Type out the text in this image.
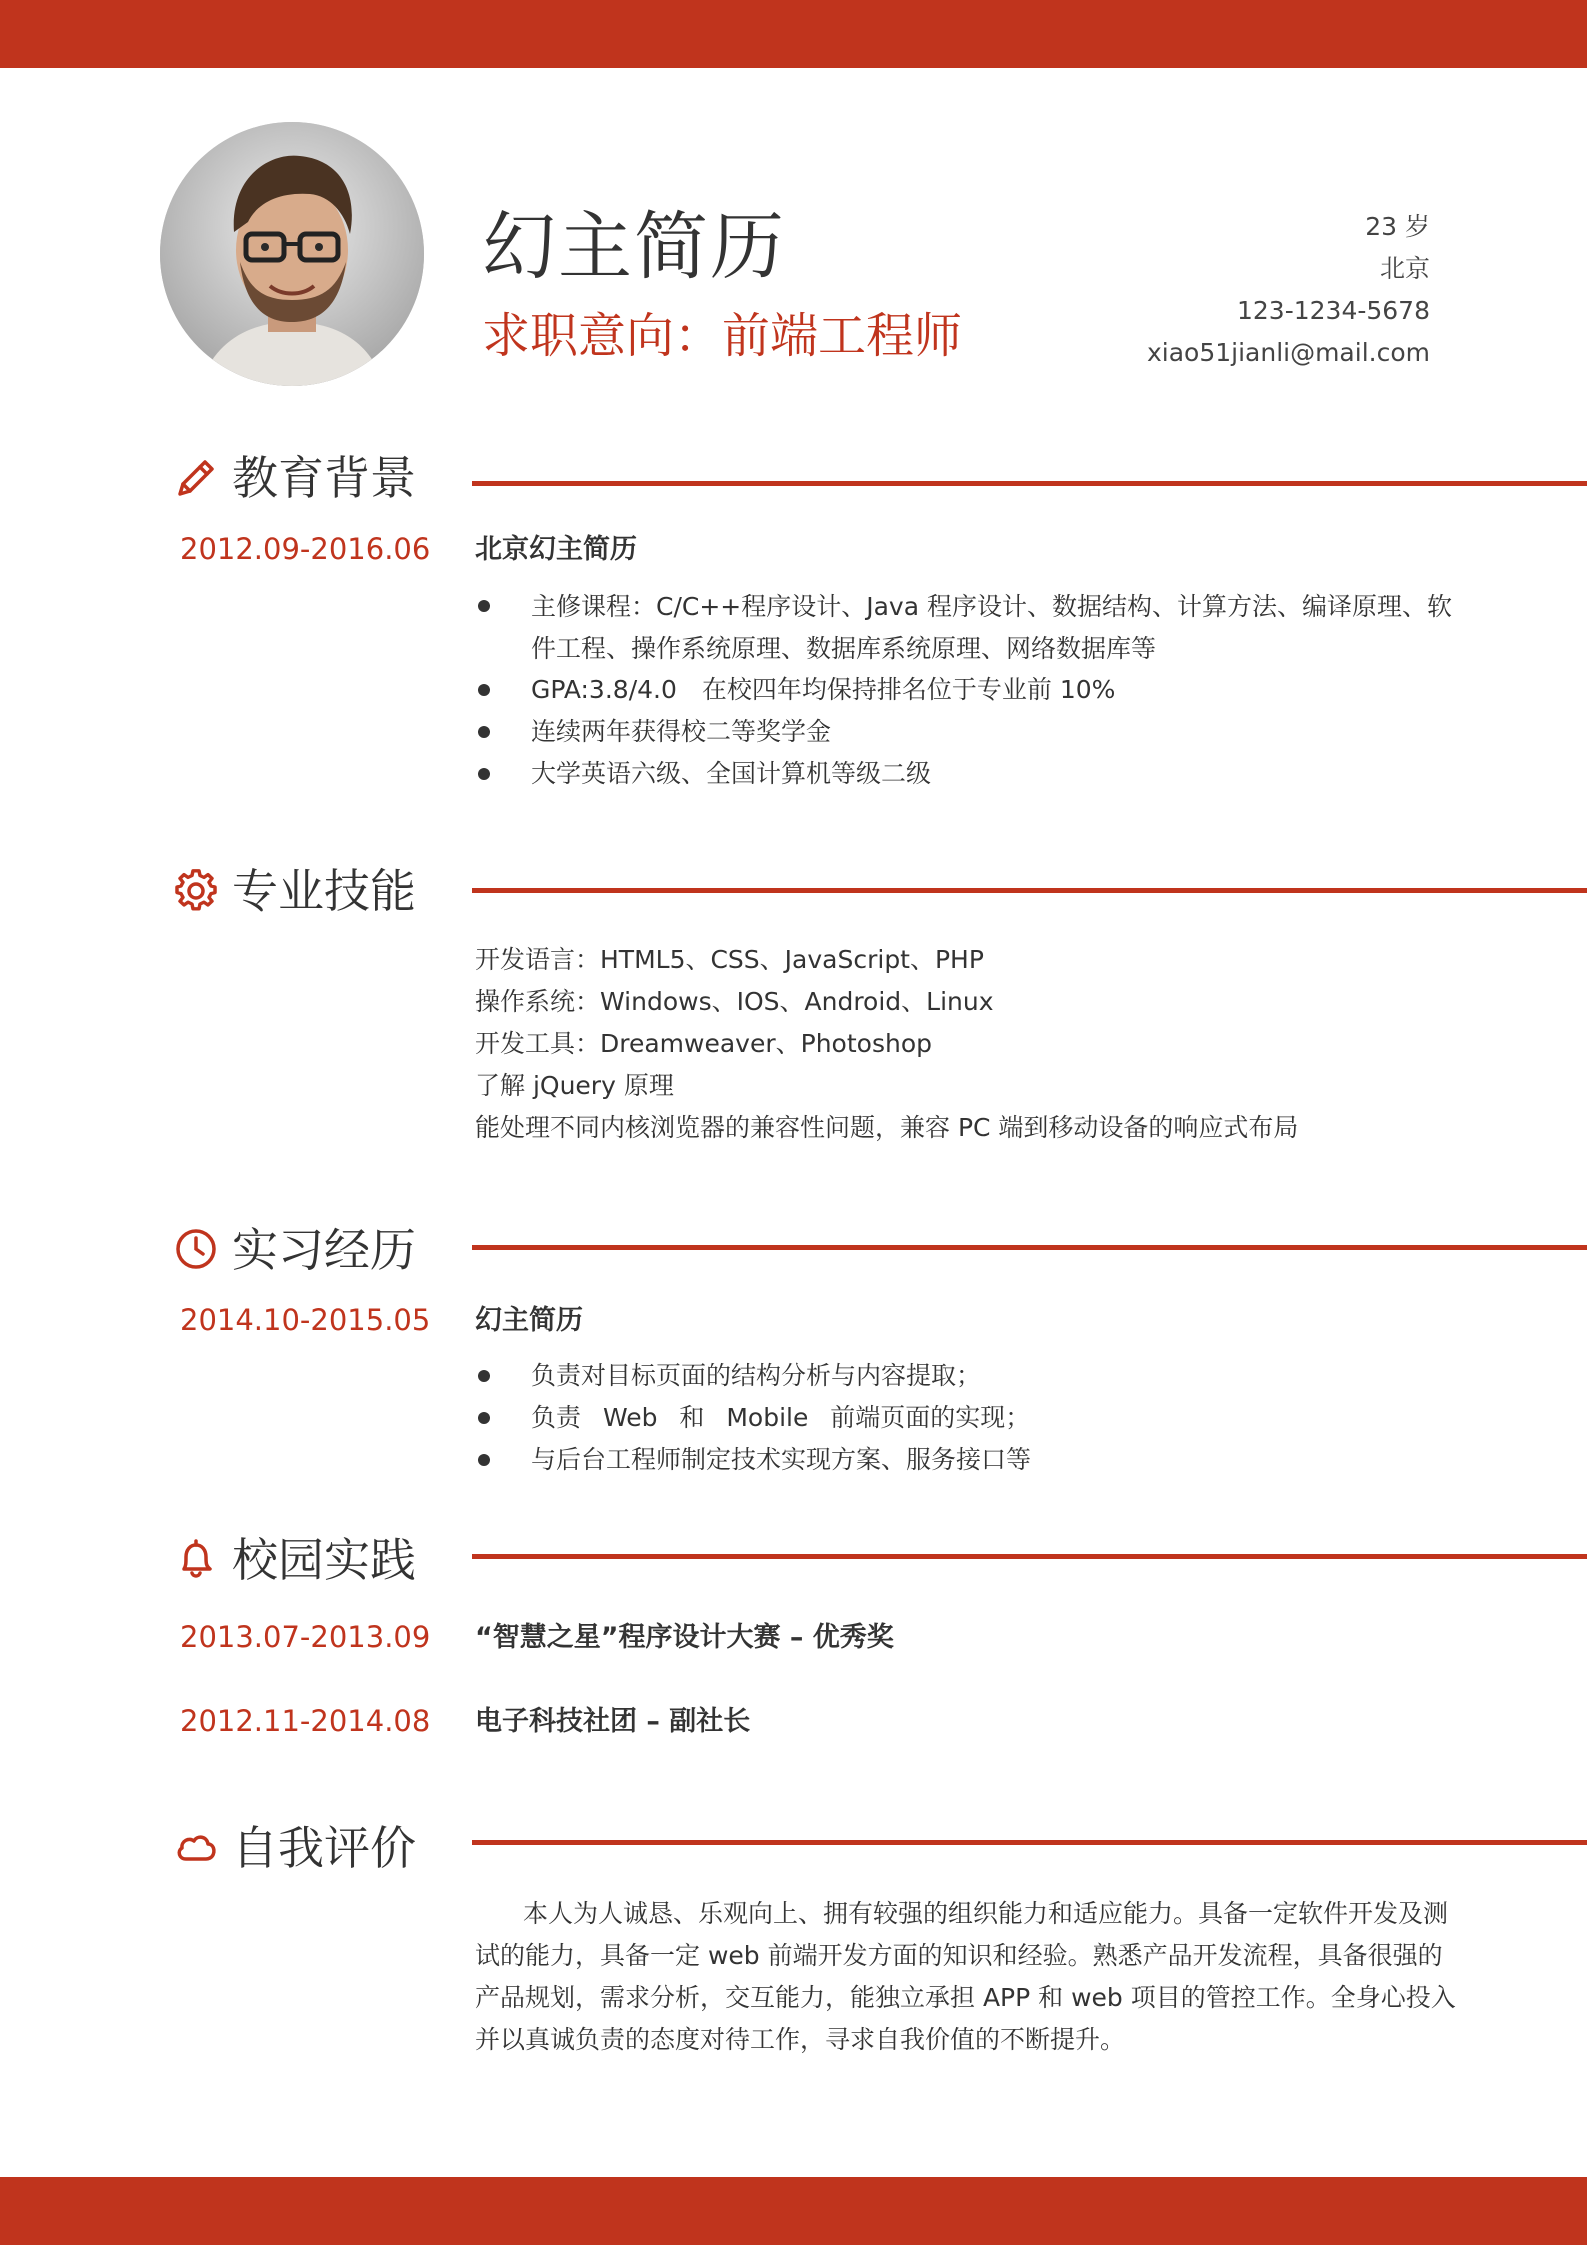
幻主简历
求职意向：前端工程师
23 岁
北京
123-1234-5678
xiao51jianli@mail.com
教育背景
2012.09-2016.06 北京幻主简历
主修课程：C/C++程序设计、Java 程序设计、数据结构、计算方法、编译原理、软
件工程、操作系统原理、数据库系统原理、网络数据库等
GPA:3.8/4.0　在校四年均保持排名位于专业前 10%
连续两年获得校二等奖学金
大学英语六级、全国计算机等级二级
专业技能
开发语言：HTML5、CSS、JavaScript、PHP
操作系统：Windows、IOS、Android、Linux
开发工具：Dreamweaver、Photoshop
了解 jQuery 原理
能处理不同内核浏览器的兼容性问题，兼容 PC 端到移动设备的响应式布局
实习经历
2014.10-2015.05 幻主简历
负责对目标页面的结构分析与内容提取；
负责 Web 和 Mobile 前端页面的实现；
与后台工程师制定技术实现方案、服务接口等
校园实践
2013.07-2013.09 “智慧之星”程序设计大赛 – 优秀奖
2012.11-2014.08 电子科技社团 – 副社长
自我评价
本人为人诚恳、乐观向上、拥有较强的组织能力和适应能力。具备一定软件开发及测
试的能力，具备一定 web 前端开发方面的知识和经验。熟悉产品开发流程，具备很强的
产品规划，需求分析，交互能力，能独立承担 APP 和 web 项目的管控工作。全身心投入
并以真诚负责的态度对待工作，寻求自我价值的不断提升。
